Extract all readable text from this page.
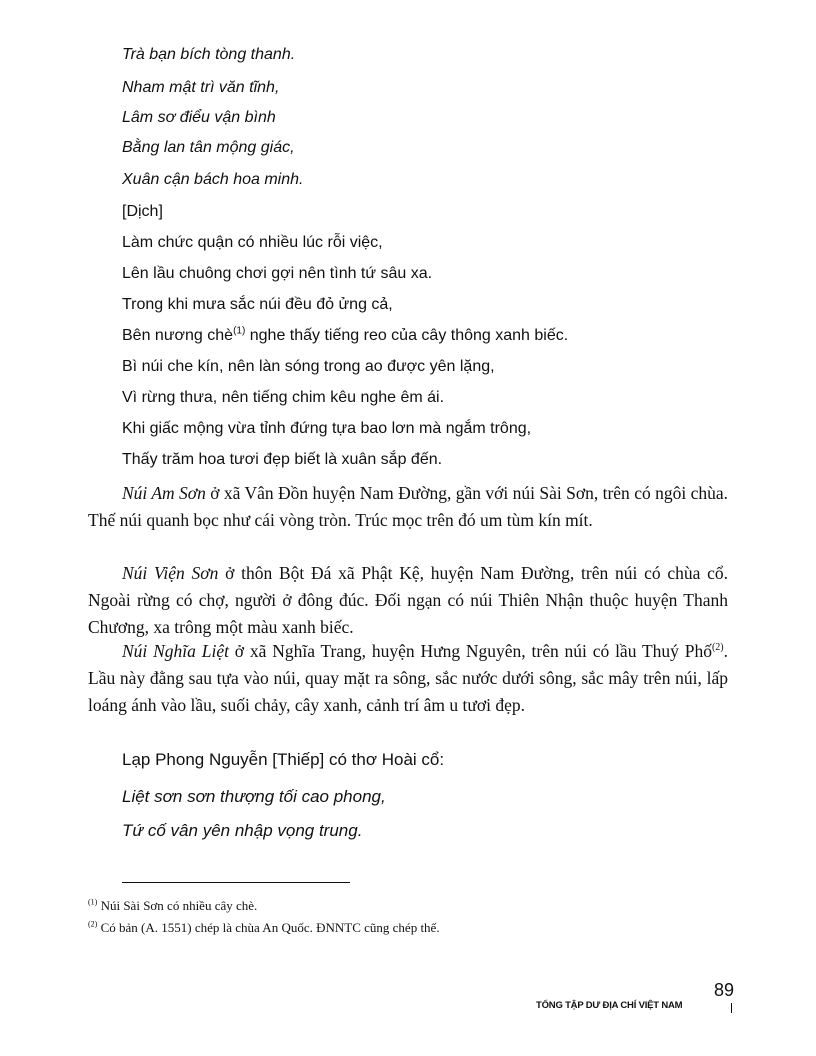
Trà bạn bích tòng thanh.
Nham mật trì văn tĩnh,
Lâm sơ điểu vận bình
Bằng lan tân mộng giác,
Xuân cận bách hoa minh.
[Dịch]
Làm chức quận có nhiều lúc rỗi việc,
Lên lầu chuông chơi gợi nên tình tứ sâu xa.
Trong khi mưa sắc núi đều đỏ ửng cả,
Bên nương chè$^{(1)}$ nghe thấy tiếng reo của cây thông xanh biếc.
Bì núi che kín, nên làn sóng trong ao được yên lặng,
Vì rừng thưa, nên tiếng chim kêu nghe êm ái.
Khi giấc mộng vừa tỉnh đứng tựa bao lơn mà ngắm trông,
Thấy trăm hoa tươi đẹp biết là xuân sắp đến.

Núi Am Sơn ở xã Vân Đồn huyện Nam Đường, gần với núi Sài Sơn, trên có ngôi chùa. Thế núi quanh bọc như cái vòng tròn. Trúc mọc trên đó um tùm kín mít.

Núi Viện Sơn ở thôn Bột Đá xã Phật Kệ, huyện Nam Đường, trên núi có chùa cổ. Ngoài rừng có chợ, người ở đông đúc. Đối ngạn có núi Thiên Nhận thuộc huyện Thanh Chương, xa trông một màu xanh biếc.

Núi Nghĩa Liệt ở xã Nghĩa Trang, huyện Hưng Nguyên, trên núi có lầu Thuý Phố$^{(2)}$. Lầu này đằng sau tựa vào núi, quay mặt ra sông, sắc nước dưới sông, sắc mây trên núi, lấp loáng ánh vào lầu, suối chảy, cây xanh, cảnh trí âm u tươi đẹp.

Lạp Phong Nguyễn [Thiếp] có thơ Hoài cổ:
Liệt sơn sơn thượng tối cao phong,
Tứ cố vân yên nhập vọng trung.
$^{(1)}$ Núi Sài Sơn có nhiều cây chè.
$^{(2)}$ Có bản (A. 1551) chép là chùa An Quốc. ĐNNTC cũng chép thế.
89
TỔNG TẬP DƯ ĐỊA CHÍ VIỆT NAM
